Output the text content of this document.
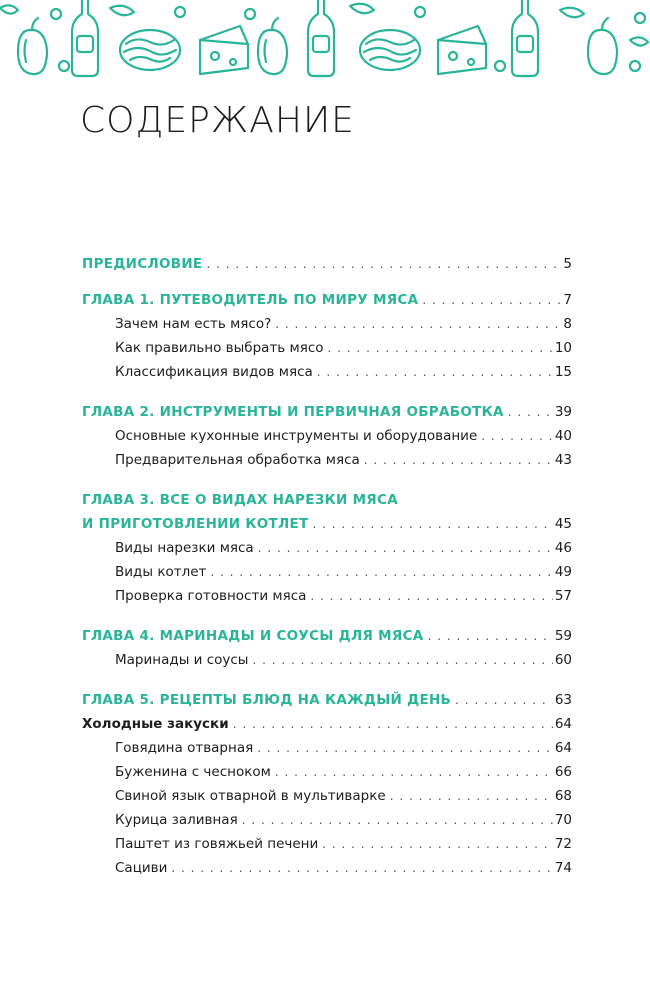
СОДЕРЖАНИЕ
ПРЕДИСЛОВИЕ . . .	5
ГЛАВА 1. ПУТЕВОДИТЕЛЬ ПО МИРУ МЯСА . . .	7
Зачем нам есть мясо? . . .	8
Как правильно выбрать мясо . . .	10
Классификация видов мяса . . .	15
ГЛАВА 2. ИНСТРУМЕНТЫ И ПЕРВИЧНАЯ ОБРАБОТКА . . .	39
Основные кухонные инструменты и оборудование . . .	40
Предварительная обработка мяса . . .	43
ГЛАВА 3. ВСЕ О ВИДАХ НАРЕЗКИ МЯСА
И ПРИГОТОВЛЕНИИ КОТЛЕТ . . .	45
Виды нарезки мяса . . .	46
Виды котлет . . .	49
Проверка готовности мяса . . .	57
ГЛАВА 4. МАРИНАДЫ И СОУСЫ ДЛЯ МЯСА . . .	59
Маринады и соусы . . .	60
ГЛАВА 5. РЕЦЕПТЫ БЛЮД НА КАЖДЫЙ ДЕНЬ . . .	63
Холодные закуски . . .	64
Говядина отварная . . .	64
Буженина с чесноком . . .	66
Свиной язык отварной в мультиварке . . .	68
Курица заливная . . .	70
Паштет из говяжьей печени . . .	72
Сациви . . .	74
